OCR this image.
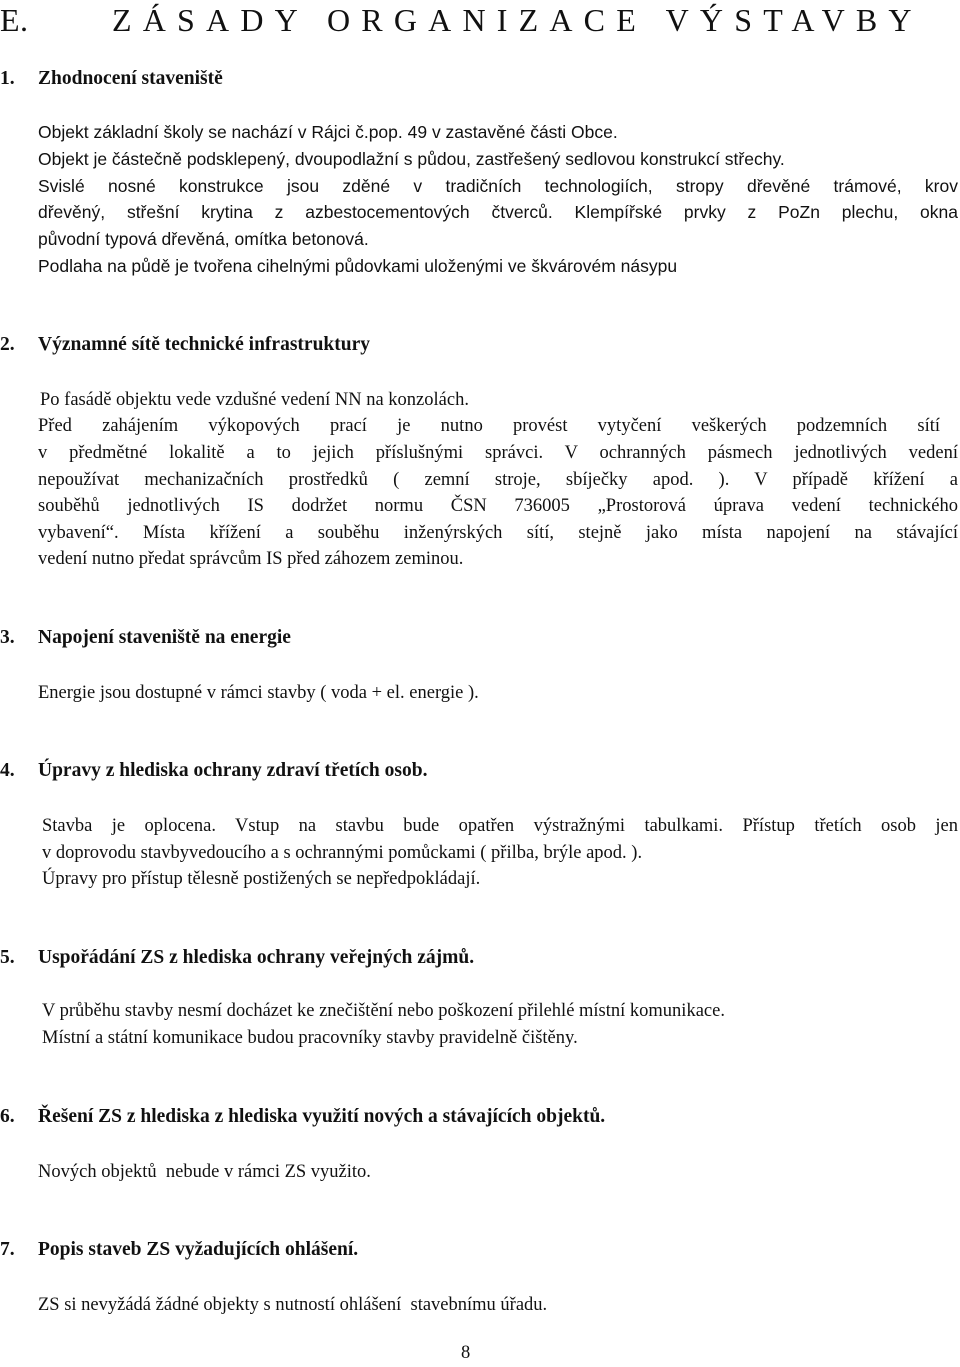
E.	ZÁSADY ORGANIZACE VÝSTAVBY
1. Zhodnocení staveniště
Objekt základní školy se nachází v Rájci č.pop. 49 v zastavěné části Obce.
Objekt je částečně podsklepený, dvoupodlažní s půdou, zastřešený sedlovou konstrukcí střechy.
Svislé nosné konstrukce jsou zděné v tradičních technologiích, stropy dřevěné trámové, krov
dřevěný, střešní krytina z azbestocementových čtverců. Klempířské prvky z PoZn plechu, okna
původní typová dřevěná, omítka betonová.
Podlaha na půdě je tvořena cihelnými půdovkami uloženými ve škvárovém násypu
2. Významné sítě technické infrastruktury
Po fasádě objektu vede vzdušné vedení NN na konzolách.
Před zahájením výkopových prací je nutno provést vytyčení veškerých podzemních sítí
v předmětné lokalitě a to jejich příslušnými správci. V ochranných pásmech jednotlivých vedení
nepoužívat mechanizačních prostředků ( zemní stroje, sbíječky apod. ). V případě křížení a
souběhů jednotlivých IS dodržet normu ČSN 736005 „Prostorová úprava vedení technického
vybavení“. Místa křížení a souběhu inženýrských sítí, stejně jako místa napojení na stávající
vedení nutno předat správcům IS před záhozem zeminou.
3. Napojení staveniště na energie
Energie jsou dostupné v rámci stavby ( voda + el. energie ).
4. Úpravy z hlediska ochrany zdraví třetích osob.
Stavba je oplocena. Vstup na stavbu bude opatřen výstražnými tabulkami. Přístup třetích osob jen
v doprovodu stavbyvedoucího a s ochrannými pomůckami ( přilba, brýle apod. ).
Úpravy pro přístup tělesně postižených se nepředpokládají.
5. Uspořádání ZS z hlediska ochrany veřejných zájmů.
V průběhu stavby nesmí docházet ke znečištění nebo poškození přilehlé místní komunikace.
Místní a státní komunikace budou pracovníky stavby pravidelně čištěny.
6. Řešení ZS z hlediska z hlediska využití nových a stávajících objektů.
Nových objektů  nebude v rámci ZS využito.
7. Popis staveb ZS vyžadujících ohlášení.
ZS si nevyžádá žádné objekty s nutností ohlášení  stavebnímu úřadu.
8
